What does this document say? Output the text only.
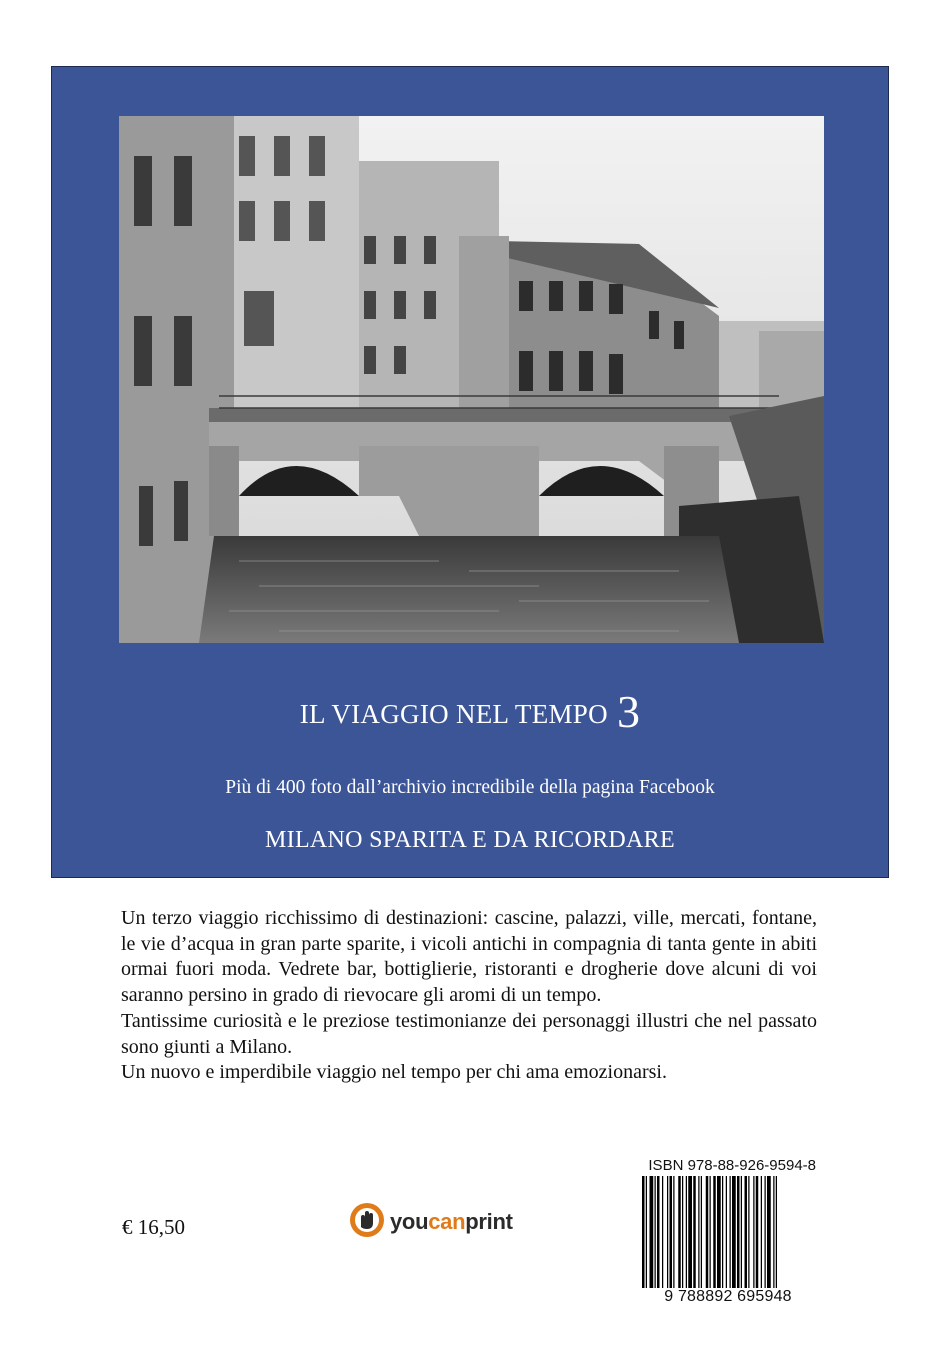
IL VIAGGIO NEL TEMPO 3
Più di 400 foto dall’archivio incredibile della pagina Facebook
MILANO SPARITA E DA RICORDARE

Un terzo viaggio ricchissimo di destinazioni: cascine, palazzi, ville, mercati, fontane, le vie d’acqua in gran parte sparite, i vicoli antichi in compagnia di tanta gente in abiti ormai fuori moda. Vedrete bar, bottiglierie, ristoranti e drogherie dove alcuni di voi saranno persino in grado di rievocare gli aromi di un tempo.

Tantissime curiosità e le preziose testimonianze dei personaggi illustri che nel passato sono giunti a Milano.

Un nuovo e imperdibile viaggio nel tempo per chi ama emozionarsi.

€ 16,50	youcanprint
ISBN 978-88-926-9594-8
9 788892 695948
